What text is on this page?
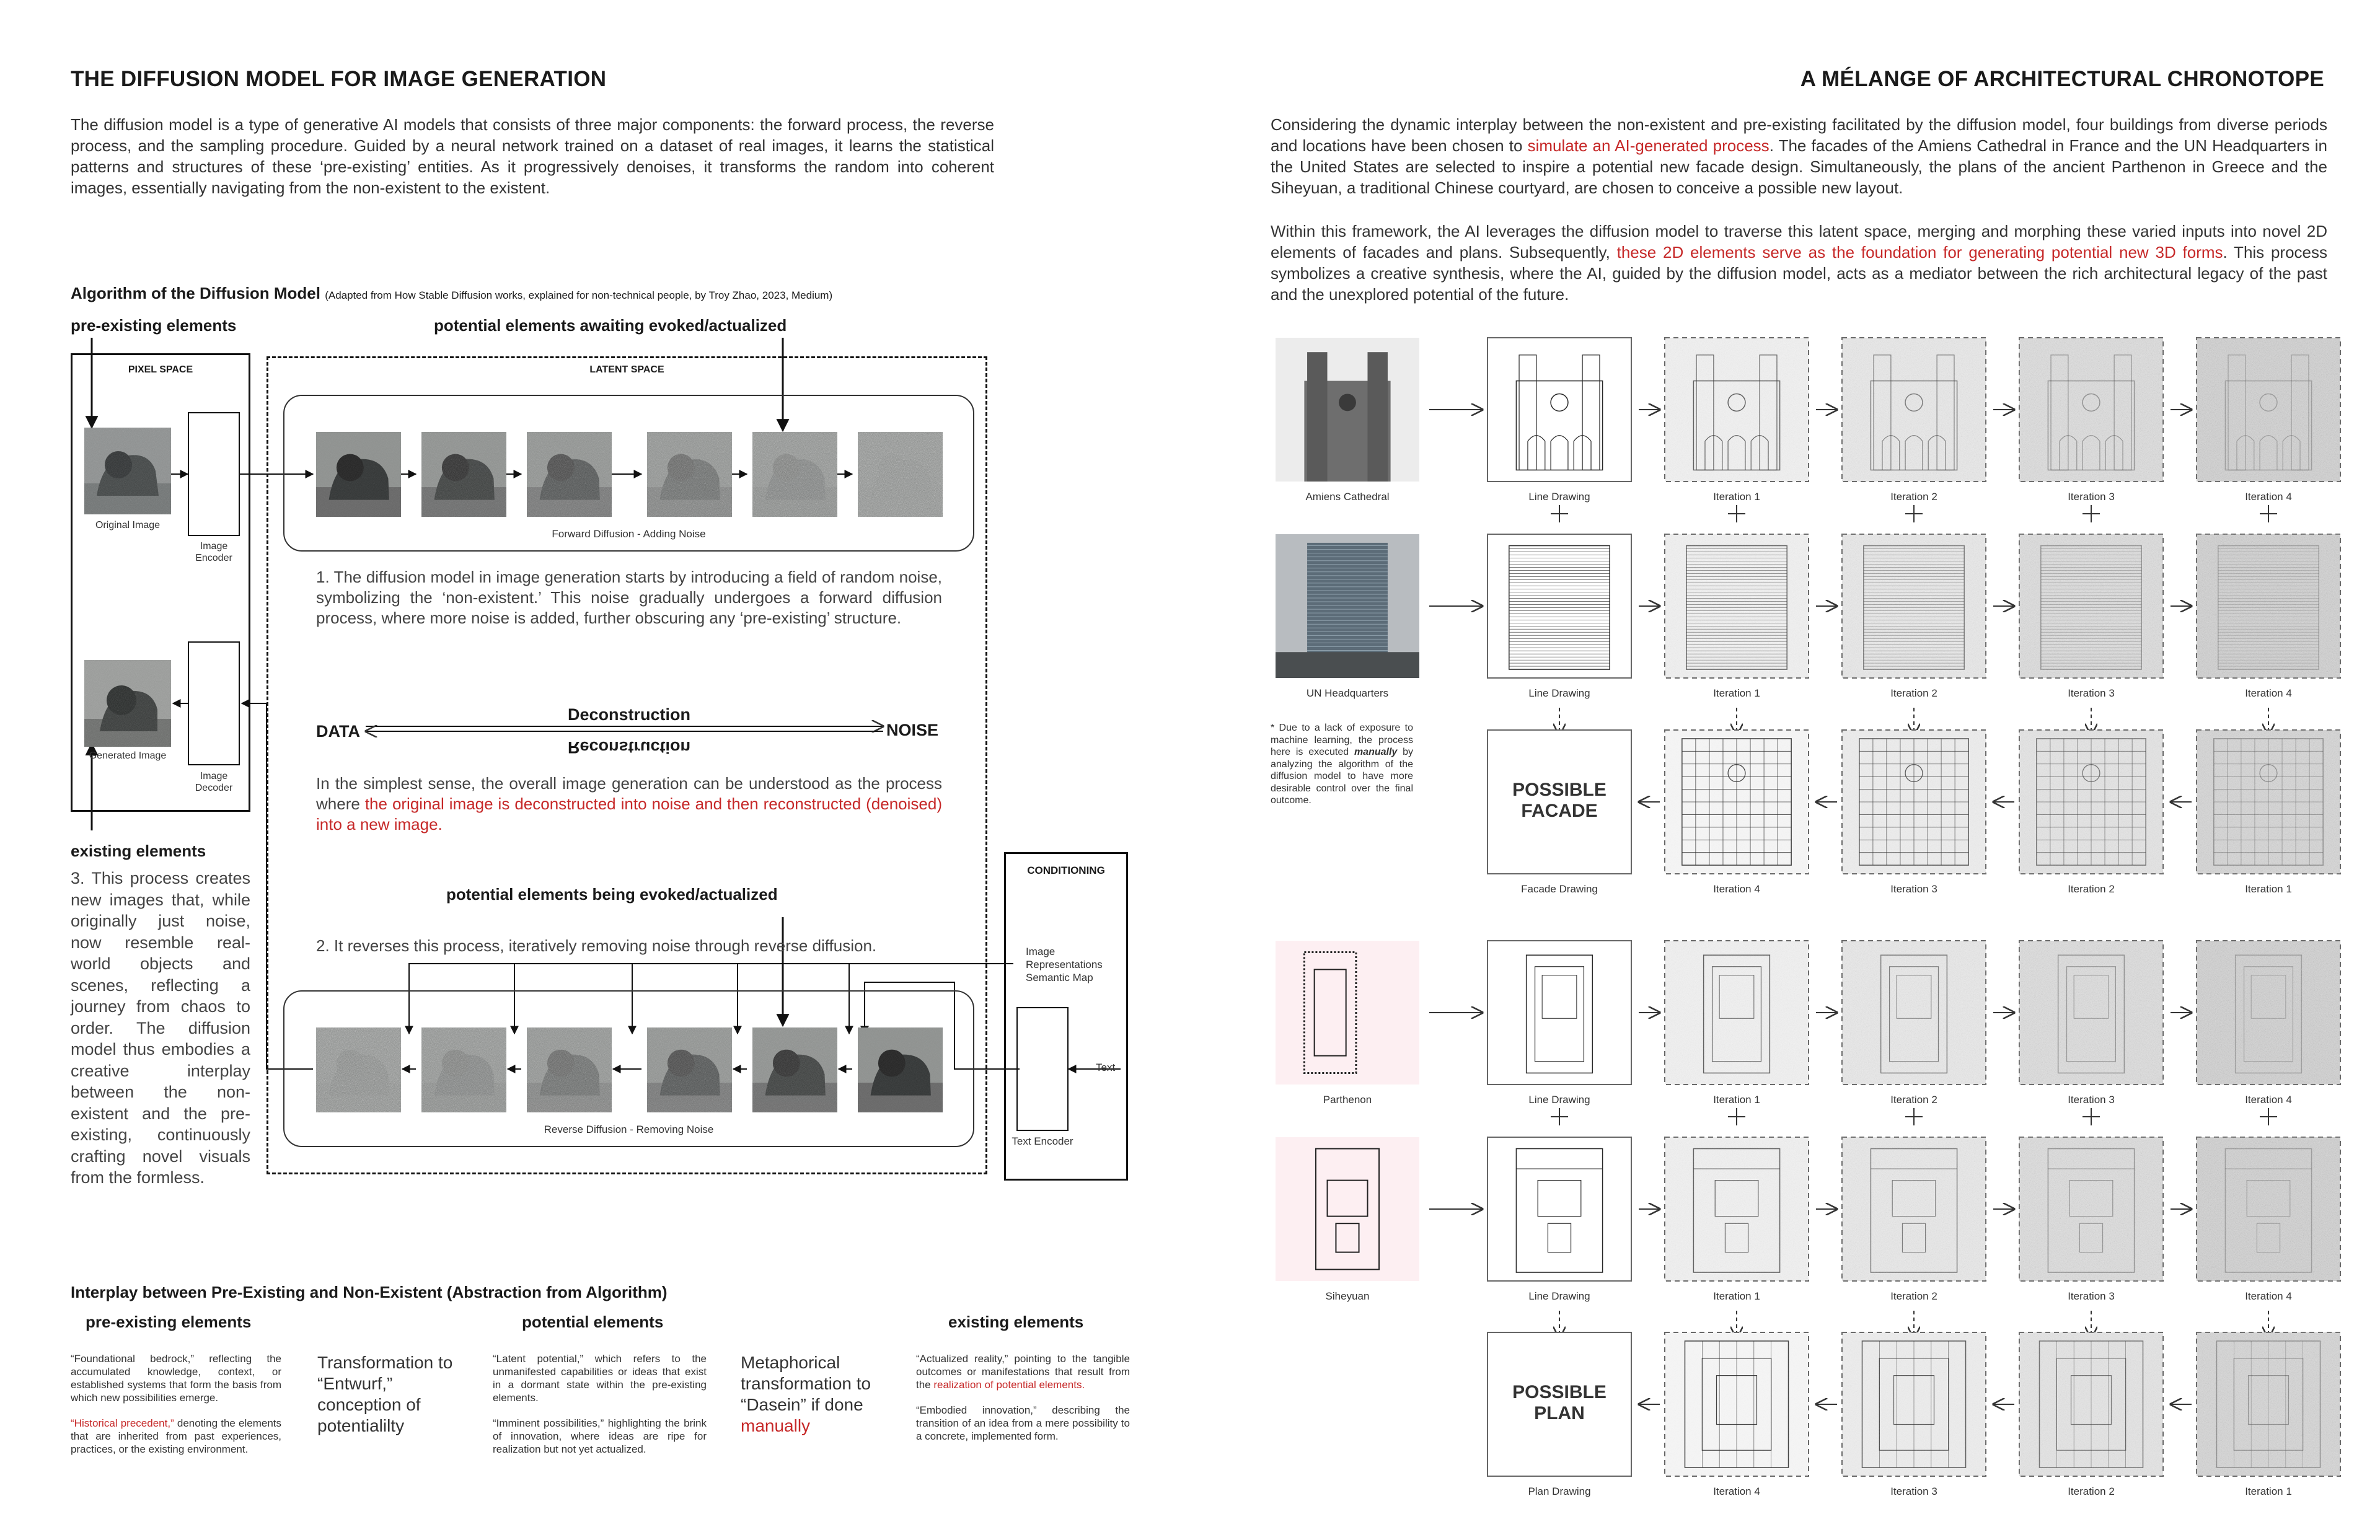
THE DIFFUSION MODEL FOR IMAGE GENERATION
The diffusion model is a type of generative AI models that consists of three major components: the forward process, the reverse process, and the sampling procedure. Guided by a neural network trained on a dataset of real images, it learns the statistical patterns and structures of these ‘pre-existing’ entities. As it progressively denoises, it transforms the random into coherent images, essentially navigating from the non-existent to the existent.
Algorithm of the Diffusion Model (Adapted from How Stable Diffusion works, explained for non-technical people, by Troy Zhao, 2023, Medium)
pre-existing elements	potential elements awaiting evoked/actualized
PIXEL SPACE	LATENT SPACE
Original Image
Image Encoder
Generated Image
Image Decoder
Forward Diffusion - Adding Noise
Reverse Diffusion - Removing Noise
1. The diffusion model in image generation starts by introducing a field of random noise, symbolizing the ‘non-existent.’ This noise gradually undergoes a forward diffusion process, where more noise is added, further obscuring any ‘pre-existing’ structure.
DATA	NOISE
Deconstruction
Reconstruction
In the simplest sense, the overall image generation can be understood as the process where the original image is deconstructed into noise and then reconstructed (denoised) into a new image.
potential elements being evoked/actualized
2. It reverses this process, iteratively removing noise through reverse diffusion.
existing elements
3. This process creates new images that, while originally just noise, now resemble real-world objects and scenes, reflecting a journey from chaos to order. The diffusion model thus embodies a creative interplay between the non-existent and the pre-existing, continuously crafting novel visuals from the formless.
CONDITIONING
Image Representations Semantic Map
Text Encoder
Text
Interplay between Pre-Existing and Non-Existent (Abstraction from Algorithm)
pre-existing elements	potential elements	existing elements
“Foundational bedrock,” reflecting the accumulated knowledge, context, or established systems that form the basis from which new possibilities emerge.
“Historical precedent,” denoting the elements that are inherited from past experiences, practices, or the existing environment.
Transformation to “Entwurf,” conception of potentialilty
“Latent potential,” which refers to the unmanifested capabilities or ideas that exist in a dormant state within the pre-existing elements.
“Imminent possibilities,” highlighting the brink of innovation, where ideas are ripe for realization but not yet actualized.
Metaphorical transformation to “Dasein” if done manually
“Actualized reality,” pointing to the tangible outcomes or manifestations that result from the realization of potential elements.
“Embodied innovation,” describing the transition of an idea from a mere possibility to a concrete, implemented form.
A MÉLANGE OF ARCHITECTURAL CHRONOTOPE
Considering the dynamic interplay between the non-existent and pre-existing facilitated by the diffusion model, four buildings from diverse periods and locations have been chosen to simulate an AI-generated process. The facades of the Amiens Cathedral in France and the UN Headquarters in the United States are selected to inspire a potential new facade design. Simultaneously, the plans of the ancient Parthenon in Greece and the Siheyuan, a traditional Chinese courtyard, are chosen to conceive a possible new layout.
Within this framework, the AI leverages the diffusion model to traverse this latent space, merging and morphing these varied inputs into novel 2D elements of facades and plans. Subsequently, these 2D elements serve as the foundation for generating potential new 3D forms. This process symbolizes a creative synthesis, where the AI, guided by the diffusion model, acts as a mediator between the rich architectural legacy of the past and the unexplored potential of the future.
Amiens Cathedral	Line Drawing	Iteration 1	Iteration 2	Iteration 3	Iteration 4
UN Headquarters	Line Drawing	Iteration 1	Iteration 2	Iteration 3	Iteration 4
Parthenon	Line Drawing	Iteration 1	Iteration 2	Iteration 3	Iteration 4
Siheyuan	Line Drawing	Iteration 1	Iteration 2	Iteration 3	Iteration 4
POSSIBLE FACADE
Facade Drawing	Iteration 4	Iteration 3	Iteration 2	Iteration 1
POSSIBLE PLAN
Plan Drawing	Iteration 4	Iteration 3	Iteration 2	Iteration 1
* Due to a lack of exposure to machine learning, the process here is executed manually by analyzing the algorithm of the diffusion model to have more desirable control over the final outcome.
